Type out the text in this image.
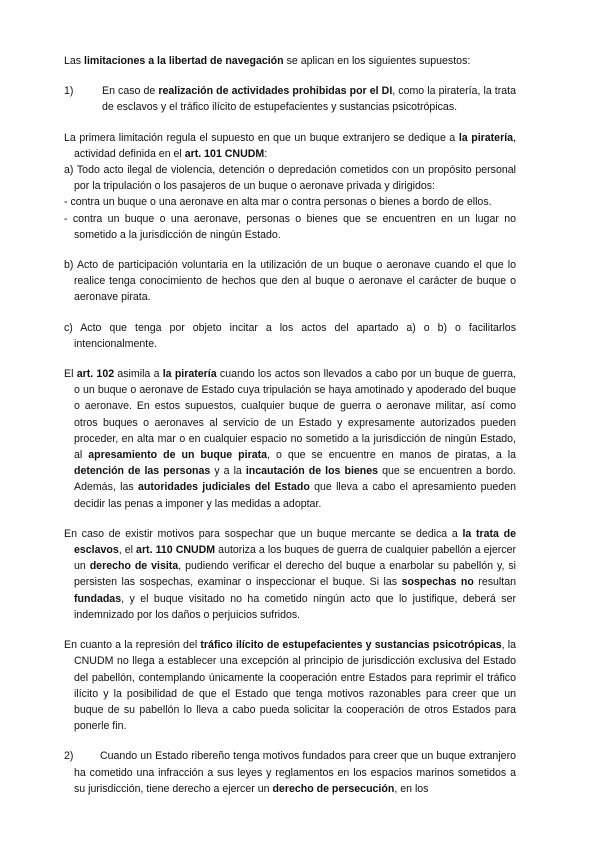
Las limitaciones a la libertad de navegación se aplican en los siguientes supuestos:

1)	En caso de realización de actividades prohibidas por el DI, como la piratería, la trata de esclavos y el tráfico ilícito de estupefacientes y sustancias psicotrópicas.

La primera limitación regula el supuesto en que un buque extranjero se dedique a la piratería, actividad definida en el art. 101 CNUDM:

a) Todo acto ilegal de violencia, detención o depredación cometidos con un propósito personal por la tripulación o los pasajeros de un buque o aeronave privada y dirigidos:

- contra un buque o una aeronave en alta mar o contra personas o bienes a bordo de ellos.

- contra un buque o una aeronave, personas o bienes que se encuentren en un lugar no sometido a la jurisdicción de ningún Estado.

b) Acto de participación voluntaria en la utilización de un buque o aeronave cuando el que lo realice tenga conocimiento de hechos que den al buque o aeronave el carácter de buque o aeronave pirata.

c) Acto que tenga por objeto incitar a los actos del apartado a) o b) o facilitarlos intencionalmente.

El art. 102 asimila a la piratería cuando los actos son llevados a cabo por un buque de guerra, o un buque o aeronave de Estado cuya tripulación se haya amotinado y apoderado del buque o aeronave. En estos supuestos, cualquier buque de guerra o aeronave militar, así como otros buques o aeronaves al servicio de un Estado y expresamente autorizados pueden proceder, en alta mar o en cualquier espacio no sometido a la jurisdicción de ningún Estado, al apresamiento de un buque pirata, o que se encuentre en manos de piratas, a la detención de las personas y a la incautación de los bienes que se encuentren a bordo. Además, las autoridades judiciales del Estado que lleva a cabo el apresamiento pueden decidir las penas a imponer y las medidas a adoptar.

En caso de existir motivos para sospechar que un buque mercante se dedica a la trata de esclavos, el art. 110 CNUDM autoriza a los buques de guerra de cualquier pabellón a ejercer un derecho de visita, pudiendo verificar el derecho del buque a enarbolar su pabellón y, si persisten las sospechas, examinar o inspeccionar el buque. Si las sospechas no resultan fundadas, y el buque visitado no ha cometido ningún acto que lo justifique, deberá ser indemnizado por los daños o perjuicios sufridos.

En cuanto a la represión del tráfico ilícito de estupefacientes y sustancias psicotrópicas, la CNUDM no llega a establecer una excepción al principio de jurisdicción exclusiva del Estado del pabellón, contemplando únicamente la cooperación entre Estados para reprimir el tráfico ilícito y la posibilidad de que el Estado que tenga motivos razonables para creer que un buque de su pabellón lo lleva a cabo pueda solicitar la cooperación de otros Estados para ponerle fin.

2)	Cuando un Estado ribereño tenga motivos fundados para creer que un buque extranjero ha cometido una infracción a sus leyes y reglamentos en los espacios marinos sometidos a su jurisdicción, tiene derecho a ejercer un derecho de persecución, en los
